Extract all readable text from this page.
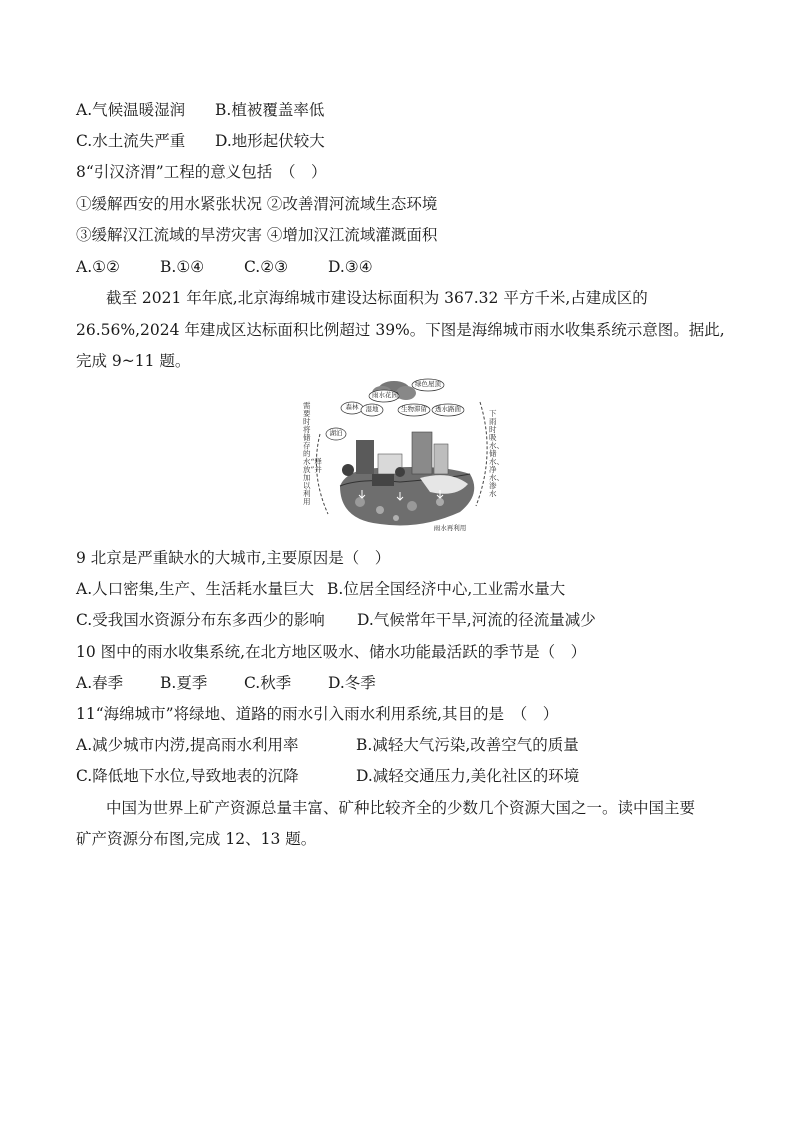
A.气候温暖湿润 B.植被覆盖率低
C.水土流失严重 D.地形起伏较大
8“引汉济渭”工程的意义包括　（　）
①缓解西安的用水紧张状况 ②改善渭河流域生态环境
③缓解汉江流域的旱涝灾害 ④增加汉江流域灌溉面积
A.①②	B.①④	C.②③	D.③④
截至 2021 年年底,北京海绵城市建设达标面积为 367.32 平方千米,占建成区的
26.56%,2024 年建成区达标面积比例超过 39%。下图是海绵城市雨水收集系统示意图。据此,
完成 9~11 题。
雨水花园
绿色屋顶
森林	湿地	生物滞留	透水路面
湖泊
雨水再利用
需要时将储存的水“释放”并加以利用
下雨时吸水、储水、净水、渗水
9 北京是严重缺水的大城市,主要原因是（　）
A.人口密集,生产、生活耗水量巨大 B.位居全国经济中心,工业需水量大
C.受我国水资源分布东多西少的影响 D.气候常年干旱,河流的径流量减少
10 图中的雨水收集系统,在北方地区吸水、储水功能最活跃的季节是（　）
A.春季 B.夏季 C.秋季 D.冬季
11“海绵城市”将绿地、道路的雨水引入雨水利用系统,其目的是　（　）
A.减少城市内涝,提高雨水利用率	B.减轻大气污染,改善空气的质量
C.降低地下水位,导致地表的沉降	D.减轻交通压力,美化社区的环境
中国为世界上矿产资源总量丰富、矿种比较齐全的少数几个资源大国之一。读中国主要
矿产资源分布图,完成 12、13 题。
